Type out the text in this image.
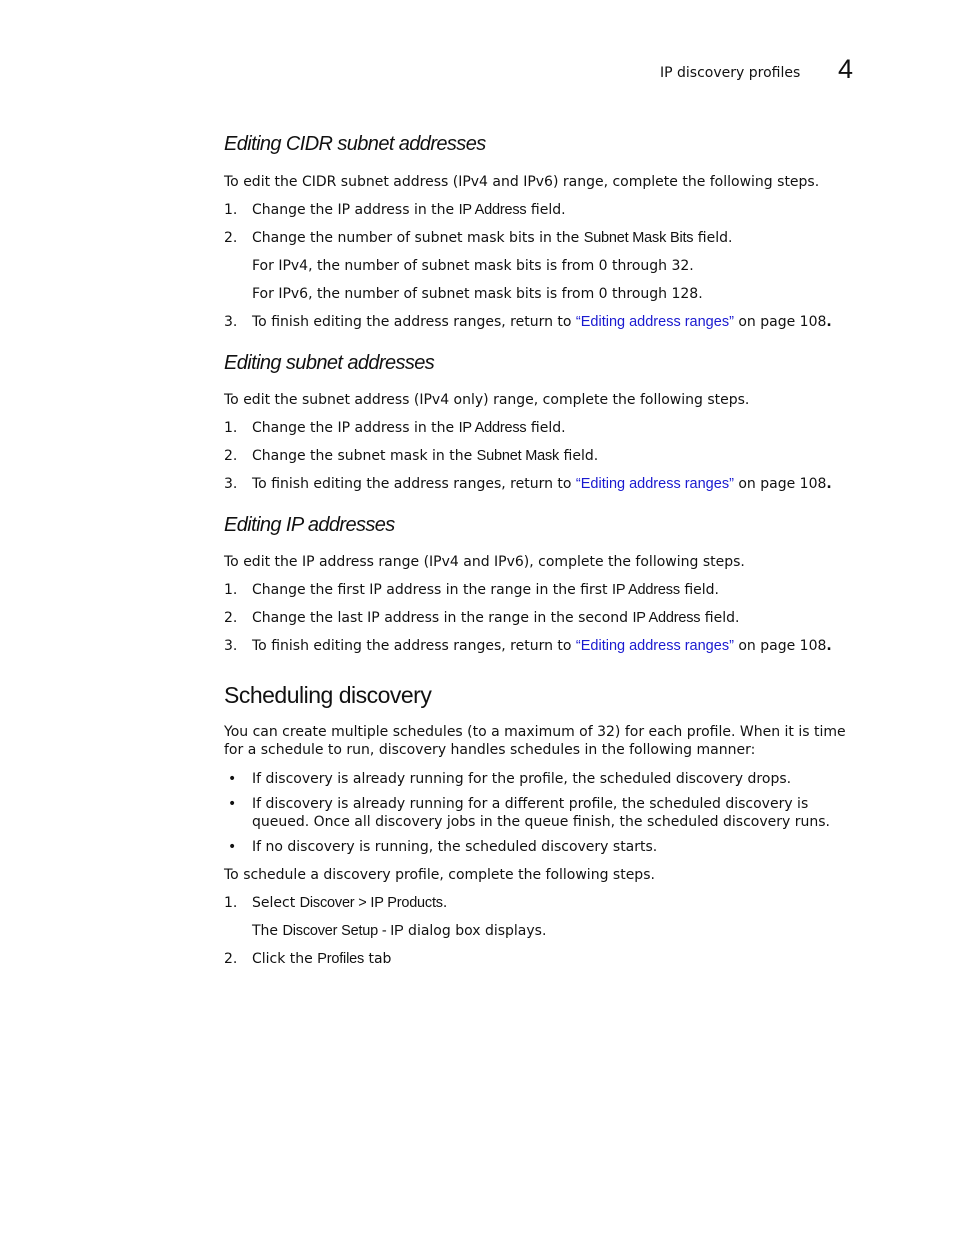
IP discovery profiles 4
Editing CIDR subnet addresses
To edit the CIDR subnet address (IPv4 and IPv6) range, complete the following steps.
1. Change the IP address in the IP Address field.
2. Change the number of subnet mask bits in the Subnet Mask Bits field.
For IPv4, the number of subnet mask bits is from 0 through 32.
For IPv6, the number of subnet mask bits is from 0 through 128.
3. To finish editing the address ranges, return to “Editing address ranges” on page 108.
Editing subnet addresses
To edit the subnet address (IPv4 only) range, complete the following steps.
1. Change the IP address in the IP Address field.
2. Change the subnet mask in the Subnet Mask field.
3. To finish editing the address ranges, return to “Editing address ranges” on page 108.
Editing IP addresses
To edit the IP address range (IPv4 and IPv6), complete the following steps.
1. Change the first IP address in the range in the first IP Address field.
2. Change the last IP address in the range in the second IP Address field.
3. To finish editing the address ranges, return to “Editing address ranges” on page 108.
Scheduling discovery
You can create multiple schedules (to a maximum of 32) for each profile. When it is time for a schedule to run, discovery handles schedules in the following manner:
• If discovery is already running for the profile, the scheduled discovery drops.
• If discovery is already running for a different profile, the scheduled discovery is queued. Once all discovery jobs in the queue finish, the scheduled discovery runs.
• If no discovery is running, the scheduled discovery starts.
To schedule a discovery profile, complete the following steps.
1. Select Discover > IP Products.
The Discover Setup - IP dialog box displays.
2. Click the Profiles tab
